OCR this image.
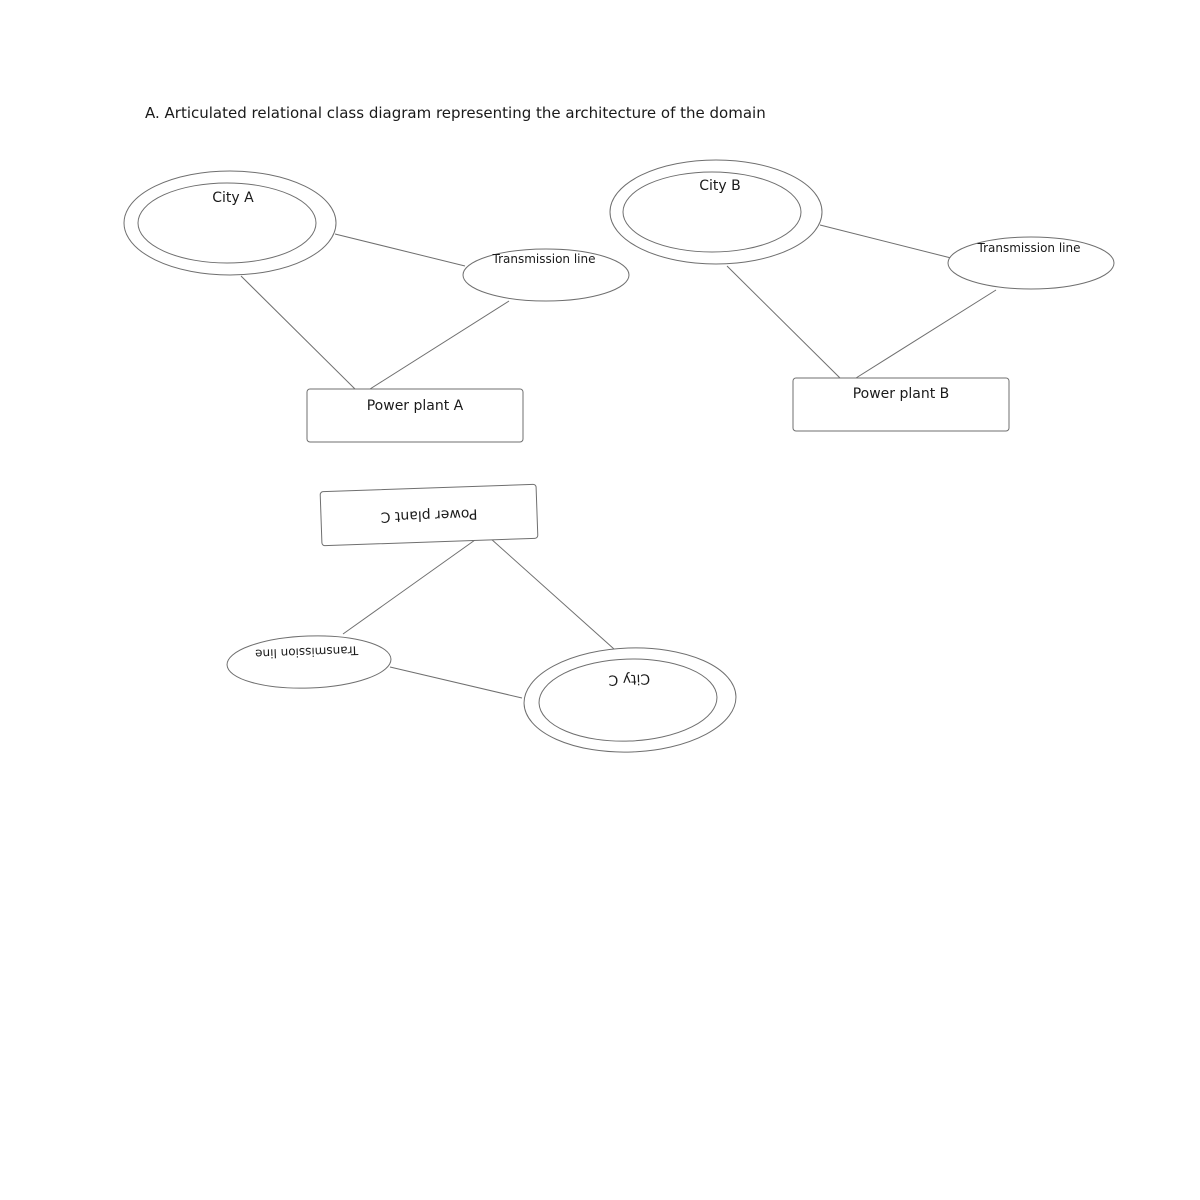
A. Articulated relational class diagram representing the architecture of the domain
City A
Transmission line
Power plant A
City B
Transmission line
Power plant B
Power plant C
Transmission line
City C
